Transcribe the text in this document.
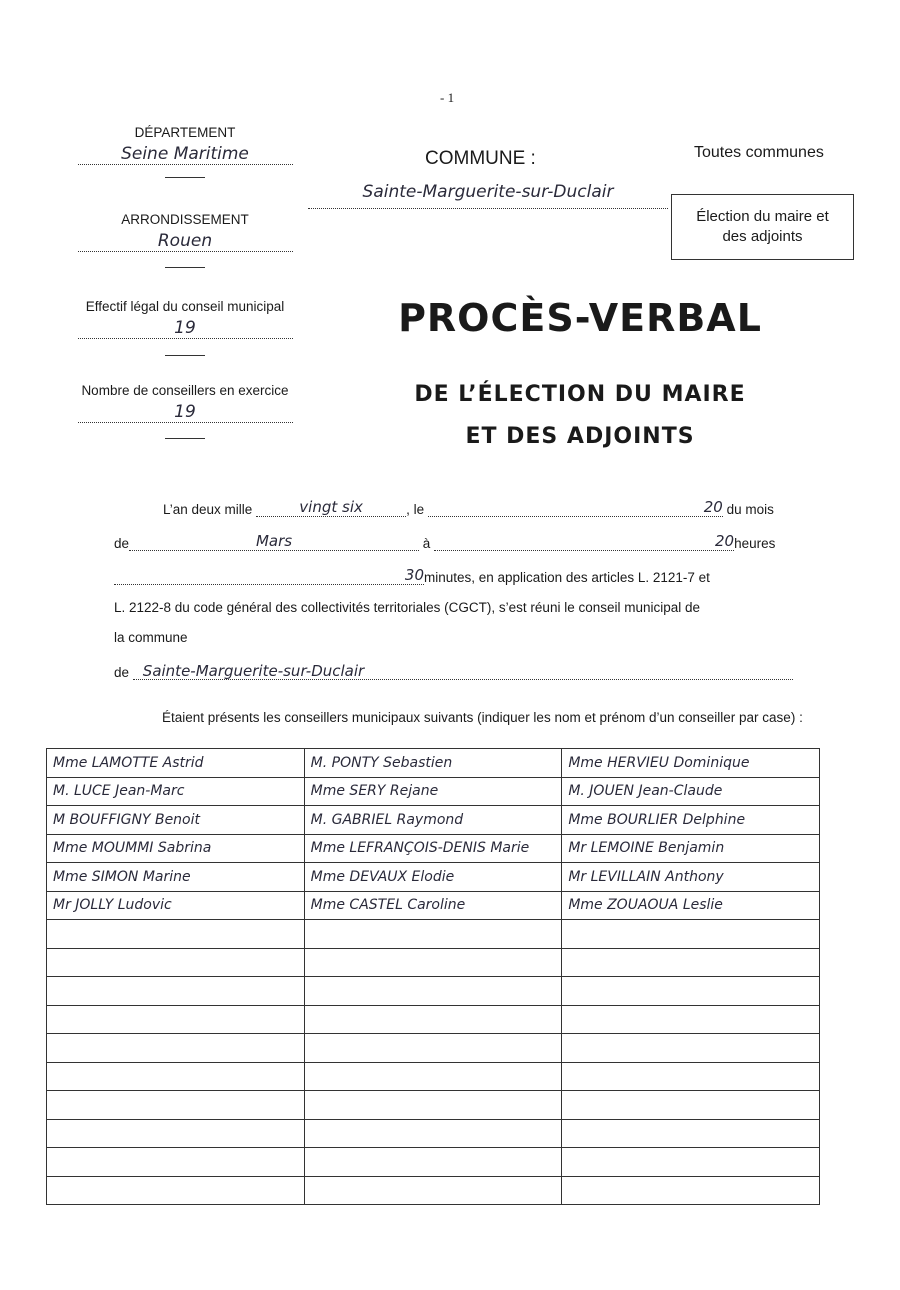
- 1
DÉPARTEMENT
Seine Maritime
ARRONDISSEMENT
Rouen
Effectif légal du conseil municipal
19
Nombre de conseillers en exercice
19
COMMUNE :
Sainte-Marguerite-sur-Duclair
Toutes communes
Élection du maire et des adjoints
PROCÈS-VERBAL
DE L’ÉLECTION DU MAIRE
ET DES ADJOINTS
L’an deux mille	vingt six	, le	20 du mois
de	Mars	à	20heures
30minutes, en application des articles L. 2121-7 et
L. 2122-8 du code général des collectivités territoriales (CGCT), s’est réuni le conseil municipal de
la commune
de Sainte-Marguerite-sur-Duclair
Étaient présents les conseillers municipaux suivants (indiquer les nom et prénom d’un conseiller par case) :
Mme LAMOTTE Astrid	M. PONTY Sebastien	Mme HERVIEU Dominique
M. LUCE Jean-Marc	Mme SERY Rejane	M. JOUEN Jean-Claude
M BOUFFIGNY Benoit	M. GABRIEL Raymond	Mme BOURLIER Delphine
Mme MOUMMI Sabrina	Mme LEFRANÇOIS-DENIS Marie	Mr LEMOINE Benjamin
Mme SIMON Marine	Mme DEVAUX Elodie	Mr LEVILLAIN Anthony
Mr JOLLY Ludovic	Mme CASTEL Caroline	Mme ZOUAOUA Leslie
